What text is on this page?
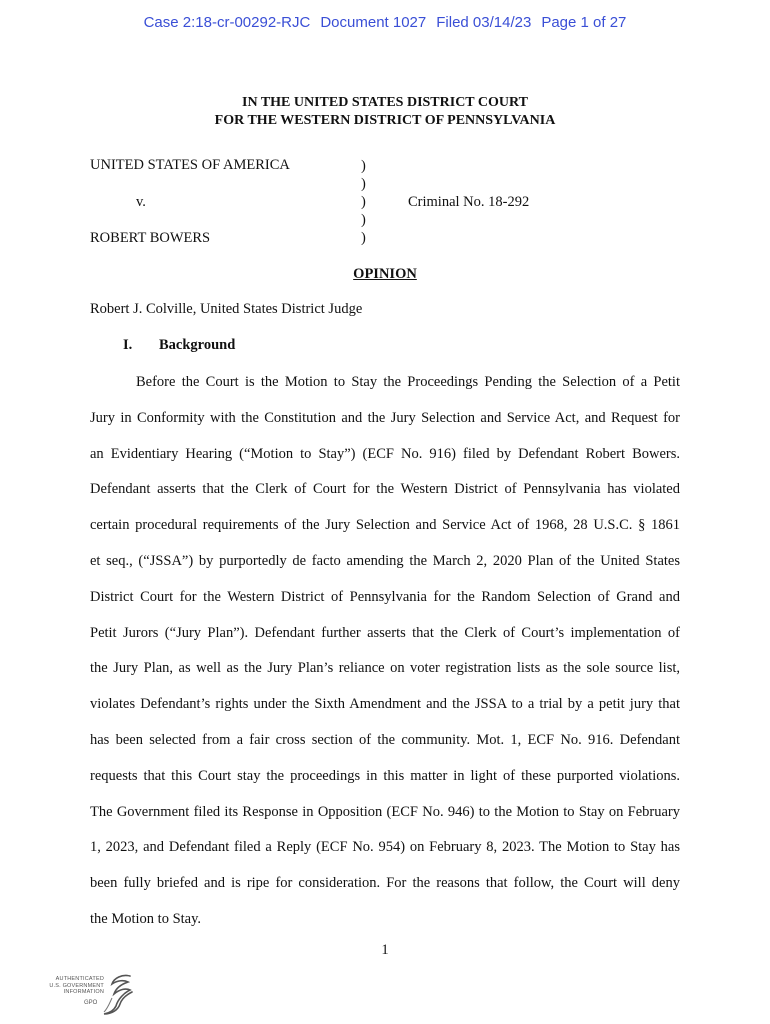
Case 2:18-cr-00292-RJC Document 1027 Filed 03/14/23 Page 1 of 27
IN THE UNITED STATES DISTRICT COURT
FOR THE WESTERN DISTRICT OF PENNSYLVANIA
UNITED STATES OF AMERICA
v.
ROBERT BOWERS
)
)
)
)
)
Criminal No. 18-292
OPINION
Robert J. Colville, United States District Judge
I. Background
Before the Court is the Motion to Stay the Proceedings Pending the Selection of a Petit
Jury in Conformity with the Constitution and the Jury Selection and Service Act, and Request for
an Evidentiary Hearing (“Motion to Stay”) (ECF No. 916) filed by Defendant Robert Bowers.
Defendant asserts that the Clerk of Court for the Western District of Pennsylvania has violated
certain procedural requirements of the Jury Selection and Service Act of 1968, 28 U.S.C. § 1861
et seq., (“JSSA”) by purportedly de facto amending the March 2, 2020 Plan of the United States
District Court for the Western District of Pennsylvania for the Random Selection of Grand and
Petit Jurors (“Jury Plan”). Defendant further asserts that the Clerk of Court’s implementation of
the Jury Plan, as well as the Jury Plan’s reliance on voter registration lists as the sole source list,
violates Defendant’s rights under the Sixth Amendment and the JSSA to a trial by a petit jury that
has been selected from a fair cross section of the community. Mot. 1, ECF No. 916. Defendant
requests that this Court stay the proceedings in this matter in light of these purported violations.
The Government filed its Response in Opposition (ECF No. 946) to the Motion to Stay on February
1, 2023, and Defendant filed a Reply (ECF No. 954) on February 8, 2023. The Motion to Stay has
been fully briefed and is ripe for consideration. For the reasons that follow, the Court will deny
the Motion to Stay.
1
AUTHENTICATED
U.S. GOVERNMENT
INFORMATION
GPO
